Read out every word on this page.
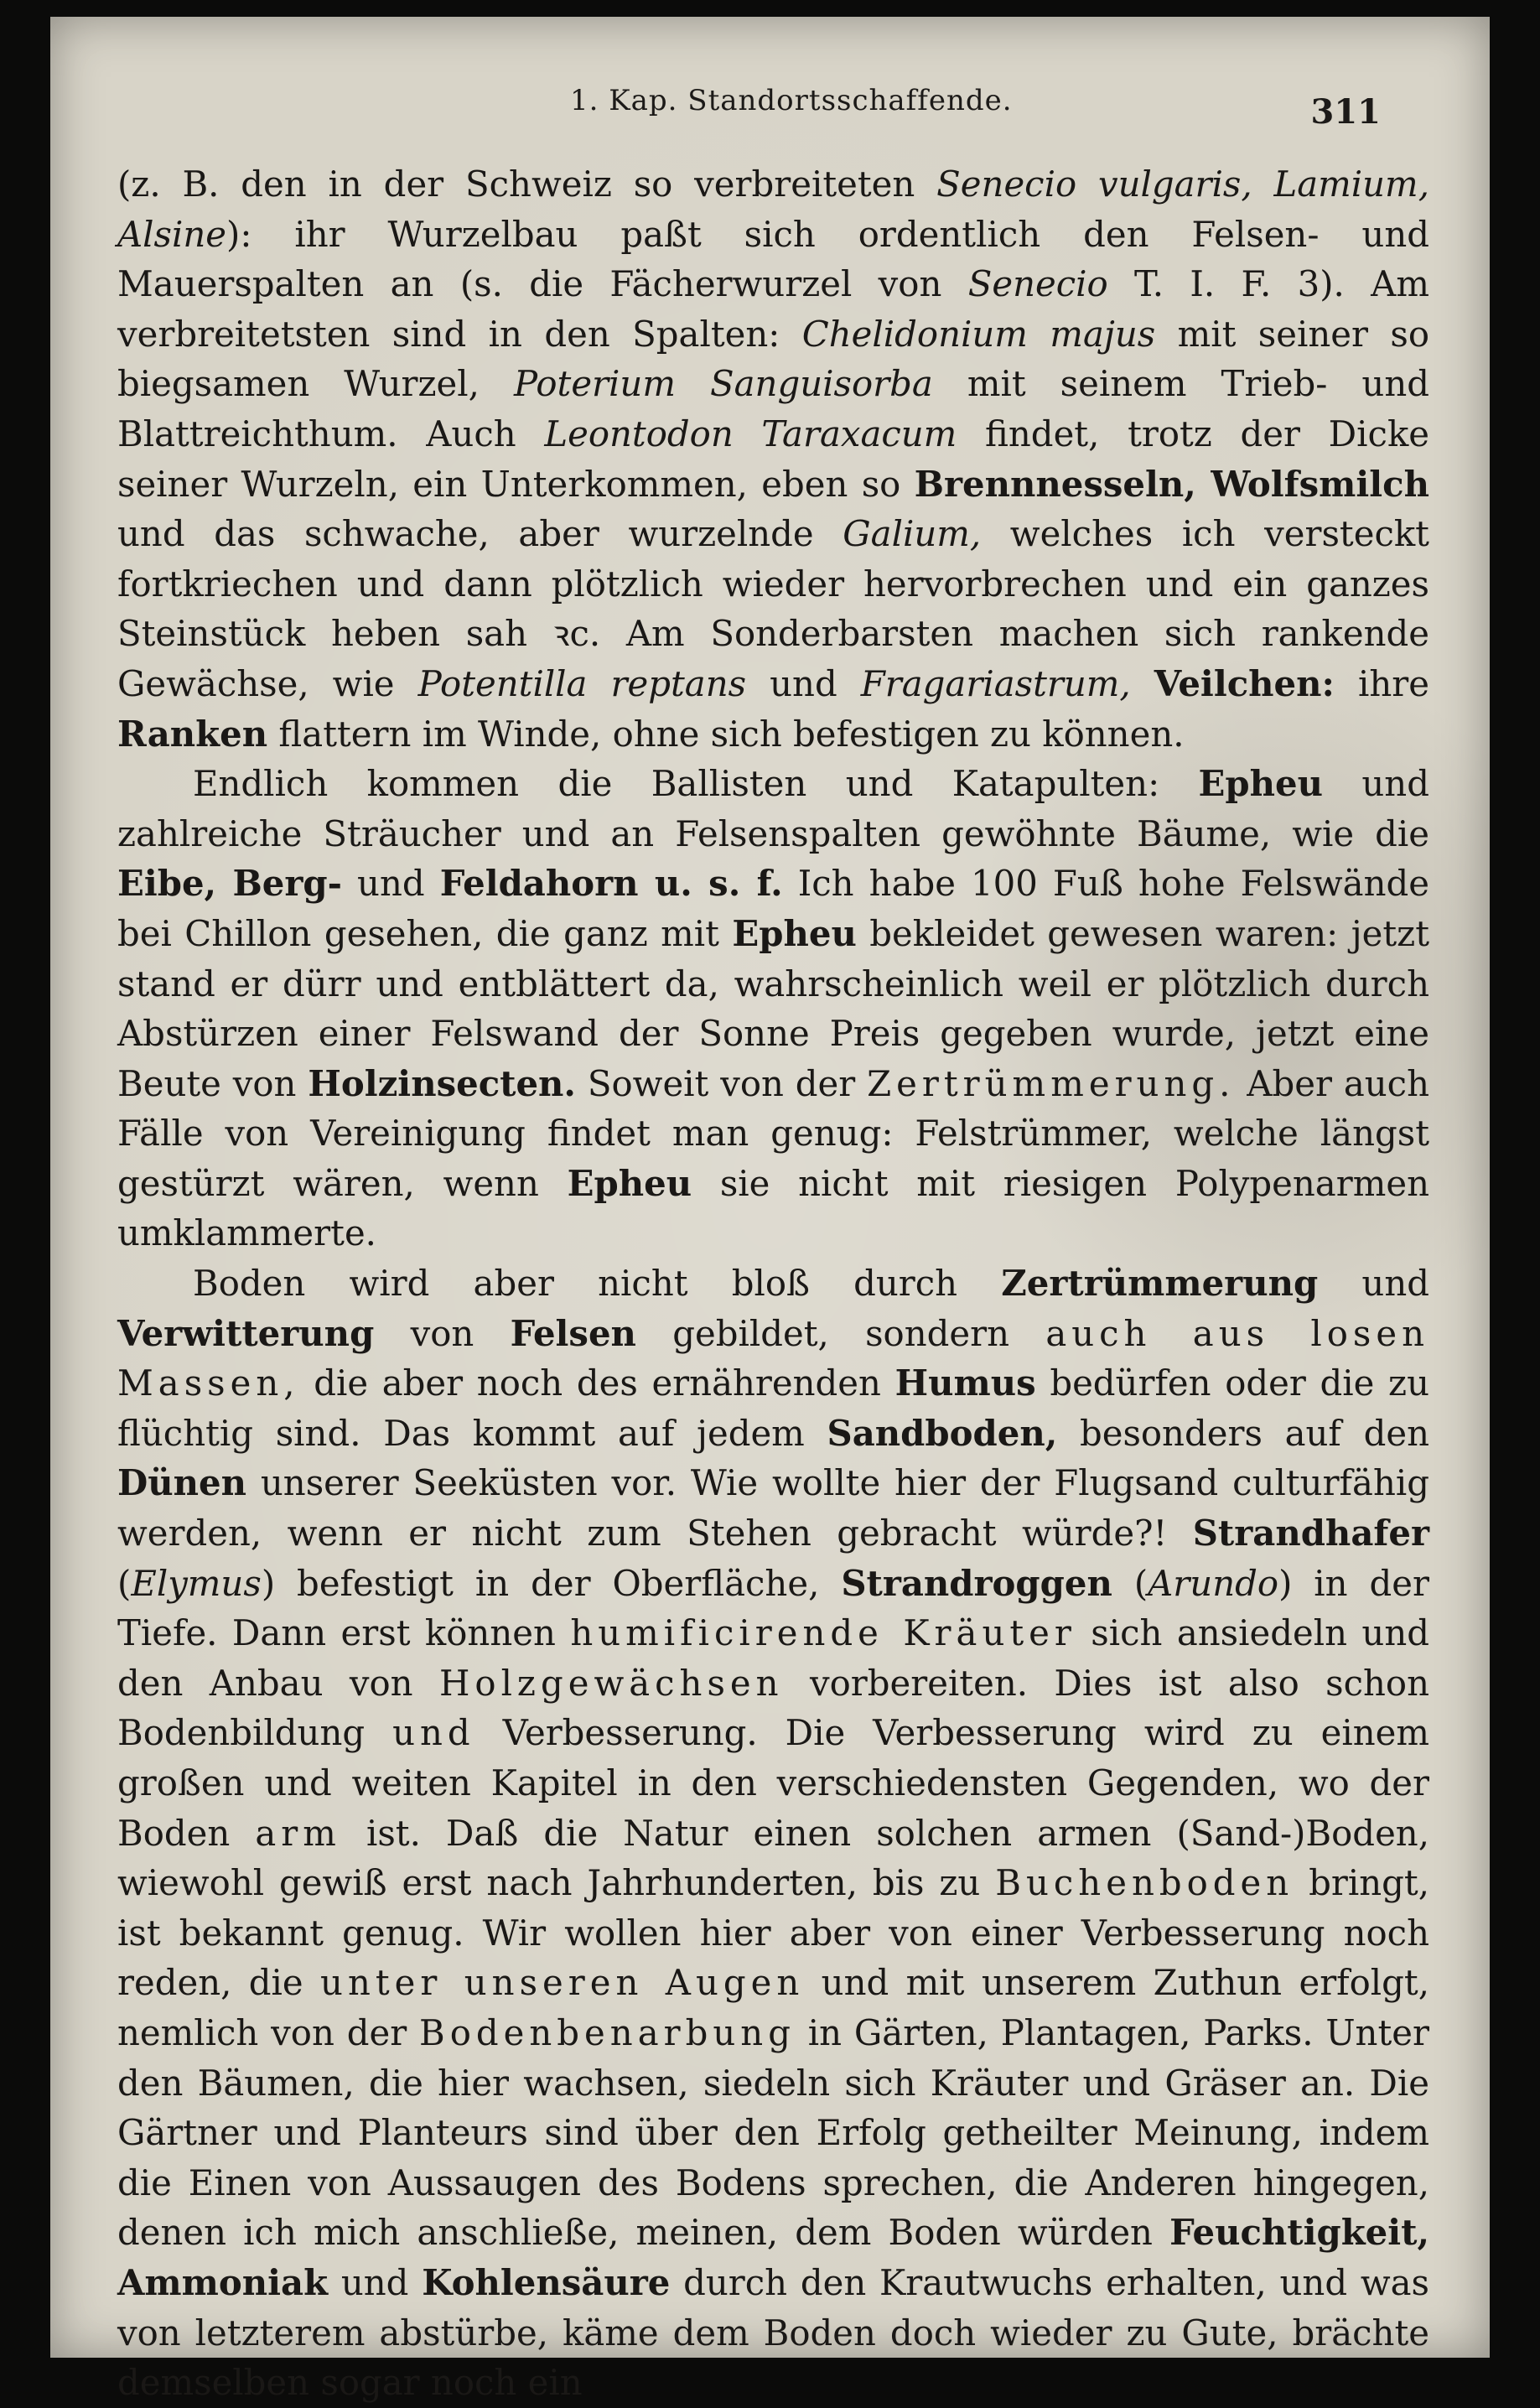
1. Kap. Standortsschaffende.	311

(z. B. den in der Schweiz so verbreiteten Senecio vulgaris, Lamium, Alsine): ihr Wurzelbau paßt sich ordentlich den Felsen- und Mauerspalten an (s. die Fächerwurzel von Senecio T. I. F. 3). Am verbreitetsten sind in den Spalten: Chelidonium majus mit seiner so biegsamen Wurzel, Poterium Sanguisorba mit seinem Trieb- und Blattreichthum. Auch Leontodon Taraxacum findet, trotz der Dicke seiner Wurzeln, ein Unterkommen, eben so Brennnesseln, Wolfsmilch und das schwache, aber wurzelnde Galium, welches ich versteckt fortkriechen und dann plötzlich wieder hervorbrechen und ein ganzes Steinstück heben sah ꝛc. Am Sonderbarsten machen sich rankende Gewächse, wie Potentilla reptans und Fragariastrum, Veilchen: ihre Ranken flattern im Winde, ohne sich befestigen zu können.

Endlich kommen die Ballisten und Katapulten: Epheu und zahlreiche Sträucher und an Felsenspalten gewöhnte Bäume, wie die Eibe, Berg- und Feldahorn u. s. f. Ich habe 100 Fuß hohe Felswände bei Chillon gesehen, die ganz mit Epheu bekleidet gewesen waren: jetzt stand er dürr und entblättert da, wahrscheinlich weil er plötzlich durch Abstürzen einer Felswand der Sonne Preis gegeben wurde, jetzt eine Beute von Holzinsecten. Soweit von der Zertrümmerung. Aber auch Fälle von Vereinigung findet man genug: Felstrümmer, welche längst gestürzt wären, wenn Epheu sie nicht mit riesigen Polypenarmen umklammerte.

Boden wird aber nicht bloß durch Zertrümmerung und Verwitterung von Felsen gebildet, sondern auch aus losen Massen, die aber noch des ernährenden Humus bedürfen oder die zu flüchtig sind. Das kommt auf jedem Sandboden, besonders auf den Dünen unserer Seeküsten vor. Wie wollte hier der Flugsand culturfähig werden, wenn er nicht zum Stehen gebracht würde?! Strandhafer (Elymus) befestigt in der Oberfläche, Strandroggen (Arundo) in der Tiefe. Dann erst können humificirende Kräuter sich ansiedeln und den Anbau von Holzgewächsen vorbereiten. Dies ist also schon Bodenbildung und Verbesserung. Die Verbesserung wird zu einem großen und weiten Kapitel in den verschiedensten Gegenden, wo der Boden arm ist. Daß die Natur einen solchen armen (Sand-)Boden, wiewohl gewiß erst nach Jahrhunderten, bis zu Buchenboden bringt, ist bekannt genug. Wir wollen hier aber von einer Verbesserung noch reden, die unter unseren Augen und mit unserem Zuthun erfolgt, nemlich von der Bodenbenarbung in Gärten, Plantagen, Parks. Unter den Bäumen, die hier wachsen, siedeln sich Kräuter und Gräser an. Die Gärtner und Planteurs sind über den Erfolg getheilter Meinung, indem die Einen von Aussaugen des Bodens sprechen, die Anderen hingegen, denen ich mich anschließe, meinen, dem Boden würden Feuchtigkeit, Ammoniak und Kohlensäure durch den Krautwuchs erhalten, und was von letzterem abstürbe, käme dem Boden doch wieder zu Gute, brächte demselben sogar noch ein
